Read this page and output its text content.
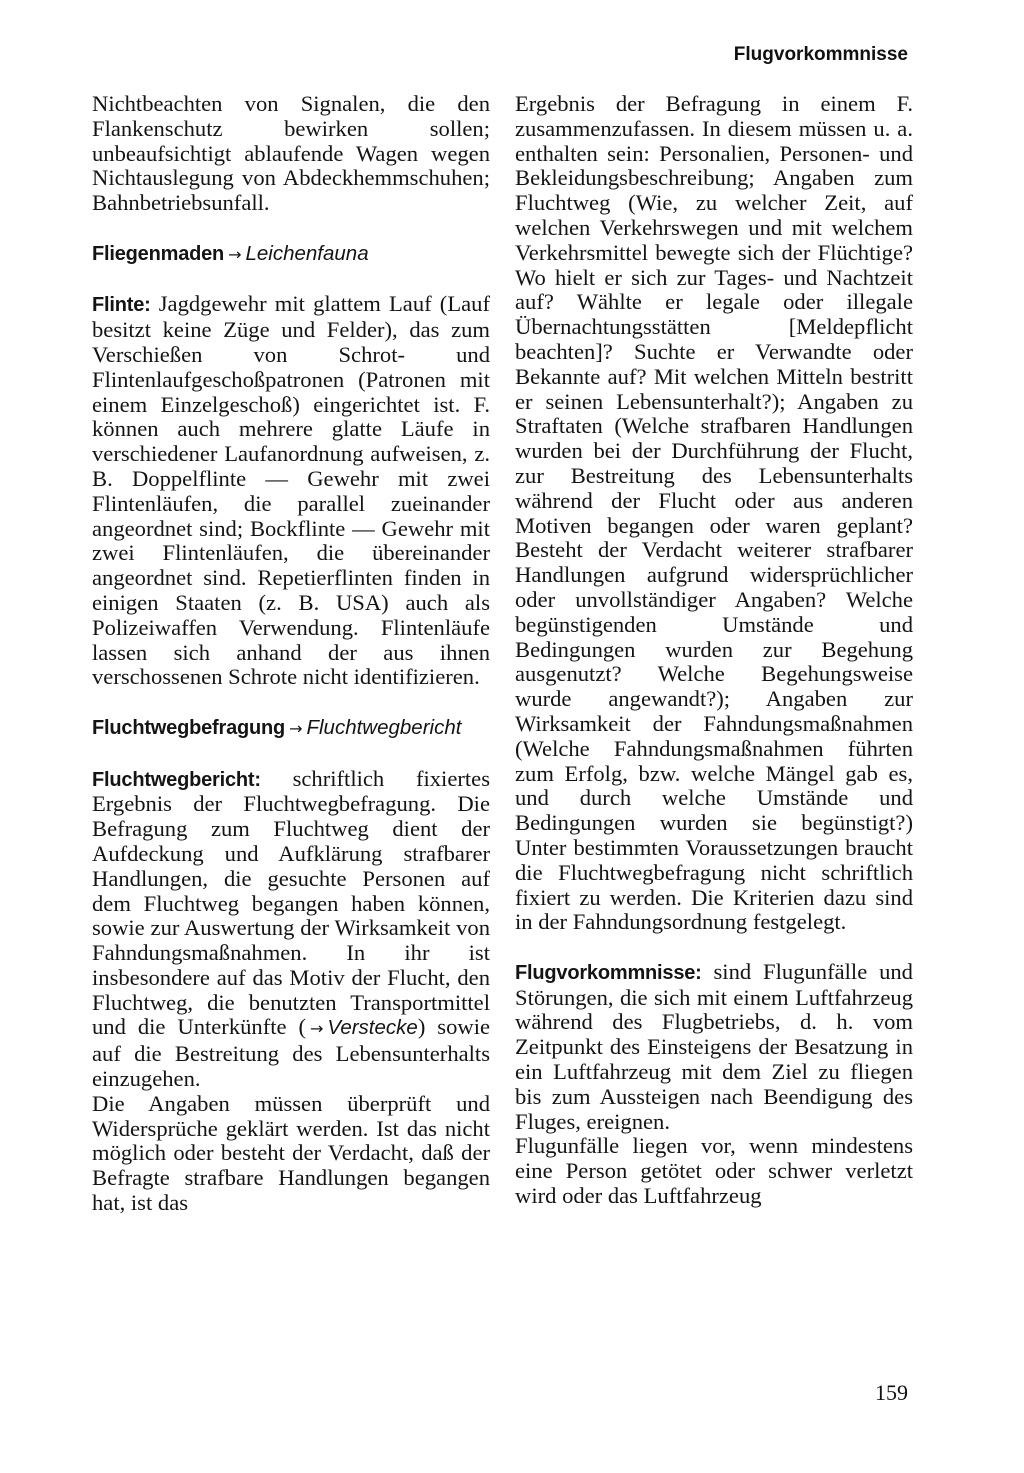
Flugvorkommnisse

Nichtbeachten von Signalen, die den Flankenschutz bewirken sollen; unbeaufsichtigt ablaufende Wagen wegen Nichtauslegung von Abdeckhemmschuhen; Bahnbetriebsunfall.

Fliegenmaden → Leichenfauna

Flinte: Jagdgewehr mit glattem Lauf (Lauf besitzt keine Züge und Felder), das zum Verschießen von Schrot- und Flintenlaufgeschoßpatronen (Patronen mit einem Einzelgeschoß) eingerichtet ist. F. können auch mehrere glatte Läufe in verschiedener Laufanordnung aufweisen, z. B. Doppelflinte — Gewehr mit zwei Flintenläufen, die parallel zueinander angeordnet sind; Bockflinte — Gewehr mit zwei Flintenläufen, die übereinander angeordnet sind. Repetierflinten finden in einigen Staaten (z. B. USA) auch als Polizeiwaffen Verwendung. Flintenläufe lassen sich anhand der aus ihnen verschossenen Schrote nicht identifizieren.

Fluchtwegbefragung → Fluchtwegbericht

Fluchtwegbericht: schriftlich fixiertes Ergebnis der Fluchtwegbefragung. Die Befragung zum Fluchtweg dient der Aufdeckung und Aufklärung strafbarer Handlungen, die gesuchte Personen auf dem Fluchtweg begangen haben können, sowie zur Auswertung der Wirksamkeit von Fahndungsmaßnahmen. In ihr ist insbesondere auf das Motiv der Flucht, den Fluchtweg, die benutzten Transportmittel und die Unterkünfte ( → Verstecke) sowie auf die Bestreitung des Lebensunterhalts einzugehen.

Die Angaben müssen überprüft und Widersprüche geklärt werden. Ist das nicht möglich oder besteht der Verdacht, daß der Befragte strafbare Handlungen begangen hat, ist das

Ergebnis der Befragung in einem F. zusammenzufassen. In diesem müssen u. a. enthalten sein: Personalien, Personen- und Bekleidungsbeschreibung; Angaben zum Fluchtweg (Wie, zu welcher Zeit, auf welchen Verkehrswegen und mit welchem Verkehrsmittel bewegte sich der Flüchtige? Wo hielt er sich zur Tages- und Nachtzeit auf? Wählte er legale oder illegale Übernachtungsstätten [Meldepflicht beachten]? Suchte er Verwandte oder Bekannte auf? Mit welchen Mitteln bestritt er seinen Lebensunterhalt?); Angaben zu Straftaten (Welche strafbaren Handlungen wurden bei der Durchführung der Flucht, zur Bestreitung des Lebensunterhalts während der Flucht oder aus anderen Motiven begangen oder waren geplant? Besteht der Verdacht weiterer strafbarer Handlungen aufgrund widersprüchlicher oder unvollständiger Angaben? Welche begünstigenden Umstände und Bedingungen wurden zur Begehung ausgenutzt? Welche Begehungsweise wurde angewandt?); Angaben zur Wirksamkeit der Fahndungsmaßnahmen (Welche Fahndungsmaßnahmen führten zum Erfolg, bzw. welche Mängel gab es, und durch welche Umstände und Bedingungen wurden sie begünstigt?) Unter bestimmten Voraussetzungen braucht die Fluchtwegbefragung nicht schriftlich fixiert zu werden. Die Kriterien dazu sind in der Fahndungsordnung festgelegt.

Flugvorkommnisse: sind Flugunfälle und Störungen, die sich mit einem Luftfahrzeug während des Flugbetriebs, d. h. vom Zeitpunkt des Einsteigens der Besatzung in ein Luftfahrzeug mit dem Ziel zu fliegen bis zum Aussteigen nach Beendigung des Fluges, ereignen.

Flugunfälle liegen vor, wenn mindestens eine Person getötet oder schwer verletzt wird oder das Luftfahrzeug

159
